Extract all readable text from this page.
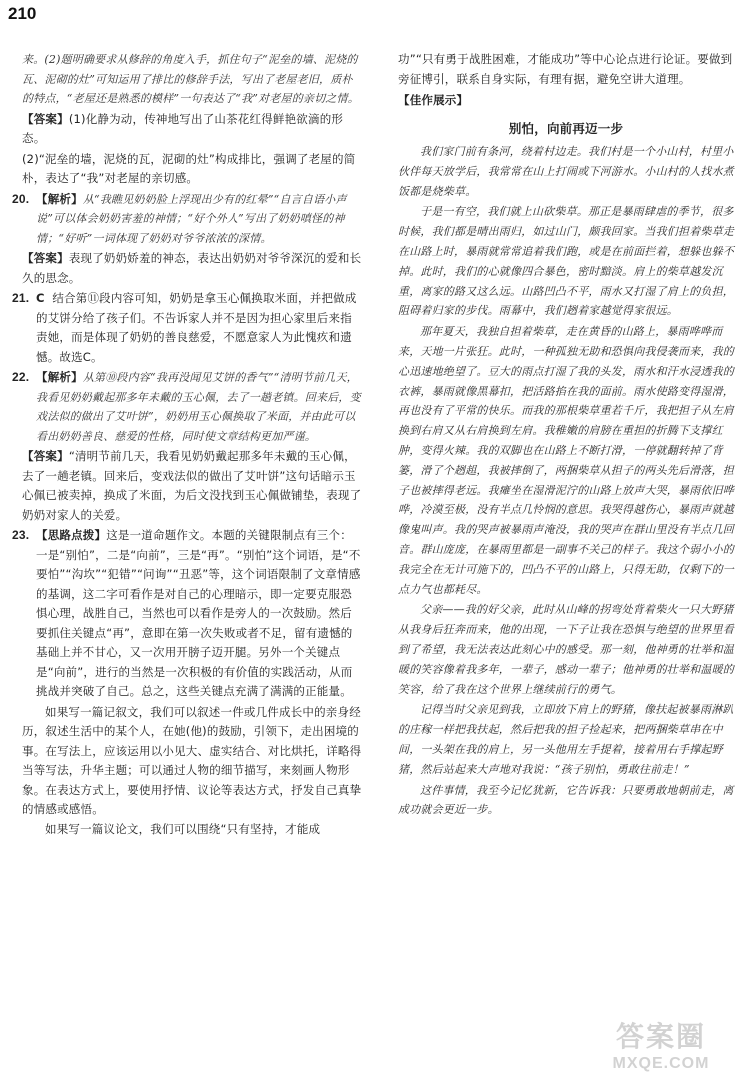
210

来。(2)题明确要求从修辞的角度入手，抓住句子“泥垒的墙、泥烧的瓦、泥砌的灶”可知运用了排比的修辞手法，写出了老屋老旧，质朴的特点，“老屋还是熟悉的模样”一句表达了“我”对老屋的亲切之情。

【答案】(1)化静为动，传神地写出了山茶花红得鲜艳欲滴的形态。

(2)“泥垒的墙，泥烧的瓦，泥砌的灶”构成排比，强调了老屋的简朴，表达了“我”对老屋的亲切感。

20. 【解析】从“我瞧见奶奶脸上浮现出少有的红晕”“自言自语小声说”可以体会奶奶害羞的神情；“好个外人”写出了奶奶嗔怪的神情；“好听”一词体现了奶奶对爷爷浓浓的深情。

【答案】表现了奶奶娇羞的神态，表达出奶奶对爷爷深沉的爱和长久的思念。

21. C 结合第⑪段内容可知，奶奶是拿玉心佩换取米面，并把做成的艾饼分给了孩子们。不告诉家人并不是因为担心家里后来指责她，而是体现了奶奶的善良慈爱，不愿意家人为此愧疚和遗憾。故选C。
22. 【解析】从第⑩段内容“我再没闻见艾饼的香气”“清明节前几天，我看见奶奶戴起那多年未戴的玉心佩，去了一趟老镇。回来后，变戏法似的做出了艾叶饼”，奶奶用玉心佩换取了米面，并由此可以看出奶奶善良、慈爱的性格，同时使文章结构更加严谨。

【答案】“清明节前几天，我看见奶奶戴起那多年未戴的玉心佩，去了一趟老镇。回来后，变戏法似的做出了艾叶饼”这句话暗示玉心佩已被卖掉，换成了米面，为后文没找到玉心佩做铺垫，表现了奶奶对家人的关爱。

23. 【思路点拨】这是一道命题作文。本题的关键限制点有三个：一是“别怕”，二是“向前”，三是“再”。“别怕”这个词语，是“不要怕”“沟坎”“犯错”“问询”“丑恶”等，这个词语限制了文章情感的基调，这二字可看作是对自己的心理暗示，即一定要克服恐惧心理，战胜自己，当然也可以看作是旁人的一次鼓励。然后要抓住关键点“再”，意即在第一次失败或者不足，留有遗憾的基础上并不甘心，又一次用开膀子迈开腿。另外一个关键点是“向前”，进行的当然是一次积极的有价值的实践活动，从而挑战并突破了自己。总之，这些关键点充满了满满的正能量。

如果写一篇记叙文，我们可以叙述一件或几件成长中的亲身经历，叙述生活中的某个人，在她(他)的鼓励，引领下，走出困境的事。在写法上，应该运用以小见大、虚实结合、对比烘托，详略得当等写法，升华主题；可以通过人物的细节描写，来刻画人物形象。在表达方式上，要使用抒情、议论等表达方式，抒发自己真挚的情感或感悟。

如果写一篇议论文，我们可以围绕“只有坚持，才能成

功”“只有勇于战胜困难，才能成功”等中心论点进行论证。要做到旁征博引，联系自身实际，有理有据，避免空讲大道理。

【佳作展示】
别怕，向前再迈一步

我们家门前有条河，绕着村边走。我们村是一个小山村，村里小伙伴每天放学后，我常常在山上打闹或下河游水。小山村的人找水煮饭都是烧柴草。

于是一有空，我们就上山砍柴草。那正是暴雨肆虐的季节，很多时候，我们都是晴出雨归，如过山门，颇我回家。当我们担着柴草走在山路上时，暴雨就常常追着我们跑，或是在前面拦着，想躲也躲不掉。此时，我们的心就像四合暴色，密时黯淡。肩上的柴草越发沉重，离家的路又这么远。山路凹凸不平，雨水又打湿了肩上的负担，阻碍着归家的步伐。雨幕中，我们趔着家越觉得家很远。

那年夏天，我独自担着柴草，走在黄昏的山路上，暴雨哗哗而来，天地一片张狂。此时，一种孤独无助和恐惧向我侵袭而来，我的心迅速地绝望了。豆大的雨点打湿了我的头发，雨水和汗水浸透我的衣裤，暴雨就像黑幕扣，把活路掐在我的面前。雨水使路变得湿滑，再也没有了平常的快乐。而我的那根柴草重若千斤，我把担子从左肩换到右肩又从右肩换到左肩。我稚嫩的肩膀在重担的折腾下支撑红肿，变得火辣。我的双脚也在山路上不断打滑，一停就翻转掉了背篓，滑了个趔趄，我被摔倒了，两捆柴草从担子的两头先后滑落，担子也被摔得老远。我瘫坐在湿滑泥泞的山路上放声大哭，暴雨依旧哗哗，冷漠至极，没有半点几怜悯的意思。我哭得越伤心，暴雨声就越像鬼叫声。我的哭声被暴雨声淹没，我的哭声在群山里没有半点几回音。群山庞庞，在暴雨里都是一副事不关己的样子。我这个弱小小的我完全在无计可施下的，凹凸不平的山路上，只得无助，仅剩下的一点力气也都耗尽。

父亲——我的好父亲，此时从山峰的拐弯处背着柴火一只大野猪从我身后狂奔而来，他的出现，一下子让我在恐惧与绝望的世界里看到了希望，我无法表达此刻心中的感受。那一刻，他神勇的壮举和温暖的笑容像着我多年，一辈子，感动一辈子；他神勇的壮举和温暖的笑容，给了我在这个世界上继续前行的勇气。

记得当时父亲见到我，立即放下肩上的野猪，像扶起被暴雨淋趴的庄稼一样把我扶起，然后把我的担子捡起来，把两捆柴草串在中间，一头架在我的肩上，另一头他用左手提着，接着用右手撑起野猪，然后站起来大声地对我说：“孩子别怕，勇敢往前走！”

这件事情，我至今记忆犹新，它告诉我：只要勇敢地朝前走，离成功就会更近一步。

答案圈
MXQE.COM
